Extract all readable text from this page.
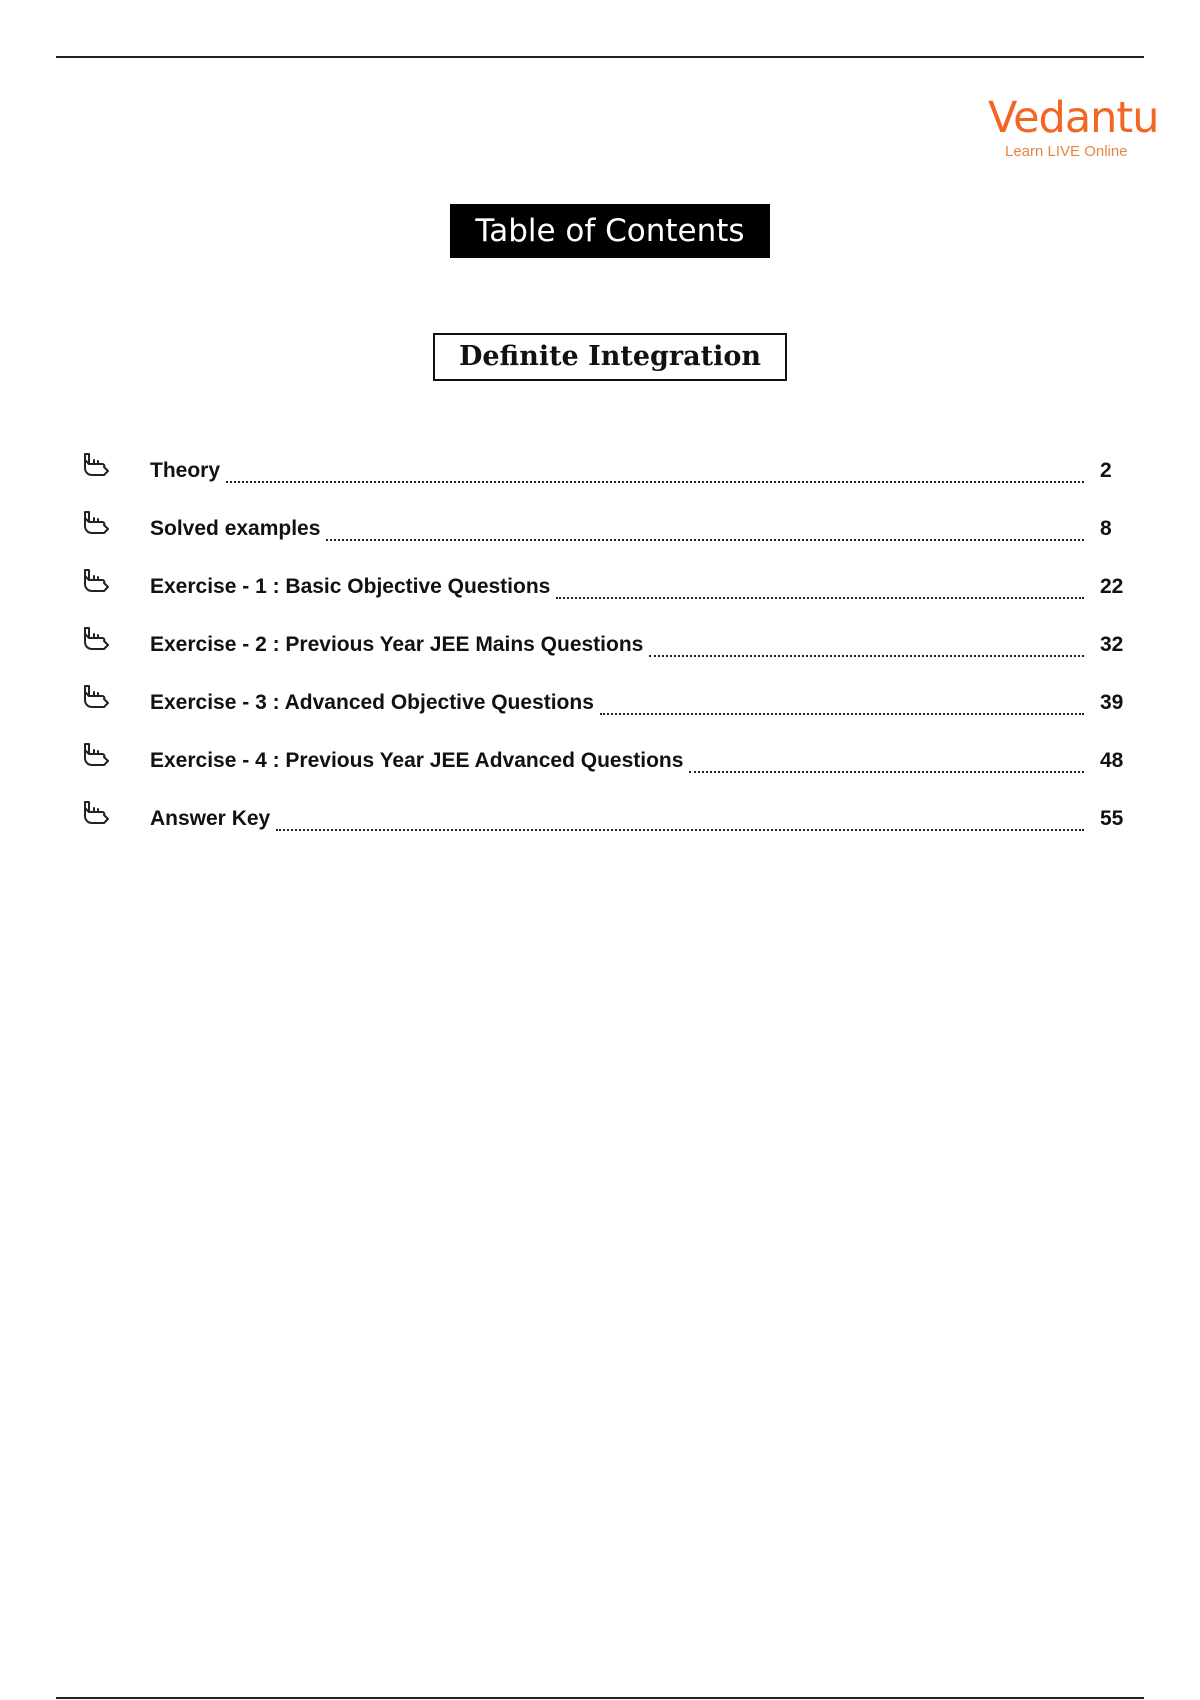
Vedantu
Learn LIVE Online
Table of Contents
Definite Integration
Theory	2
Solved examples	8
Exercise - 1 : Basic Objective Questions	22
Exercise - 2 : Previous Year JEE Mains Questions	32
Exercise - 3 : Advanced Objective Questions	39
Exercise - 4 : Previous Year JEE Advanced Questions	48
Answer Key	55
